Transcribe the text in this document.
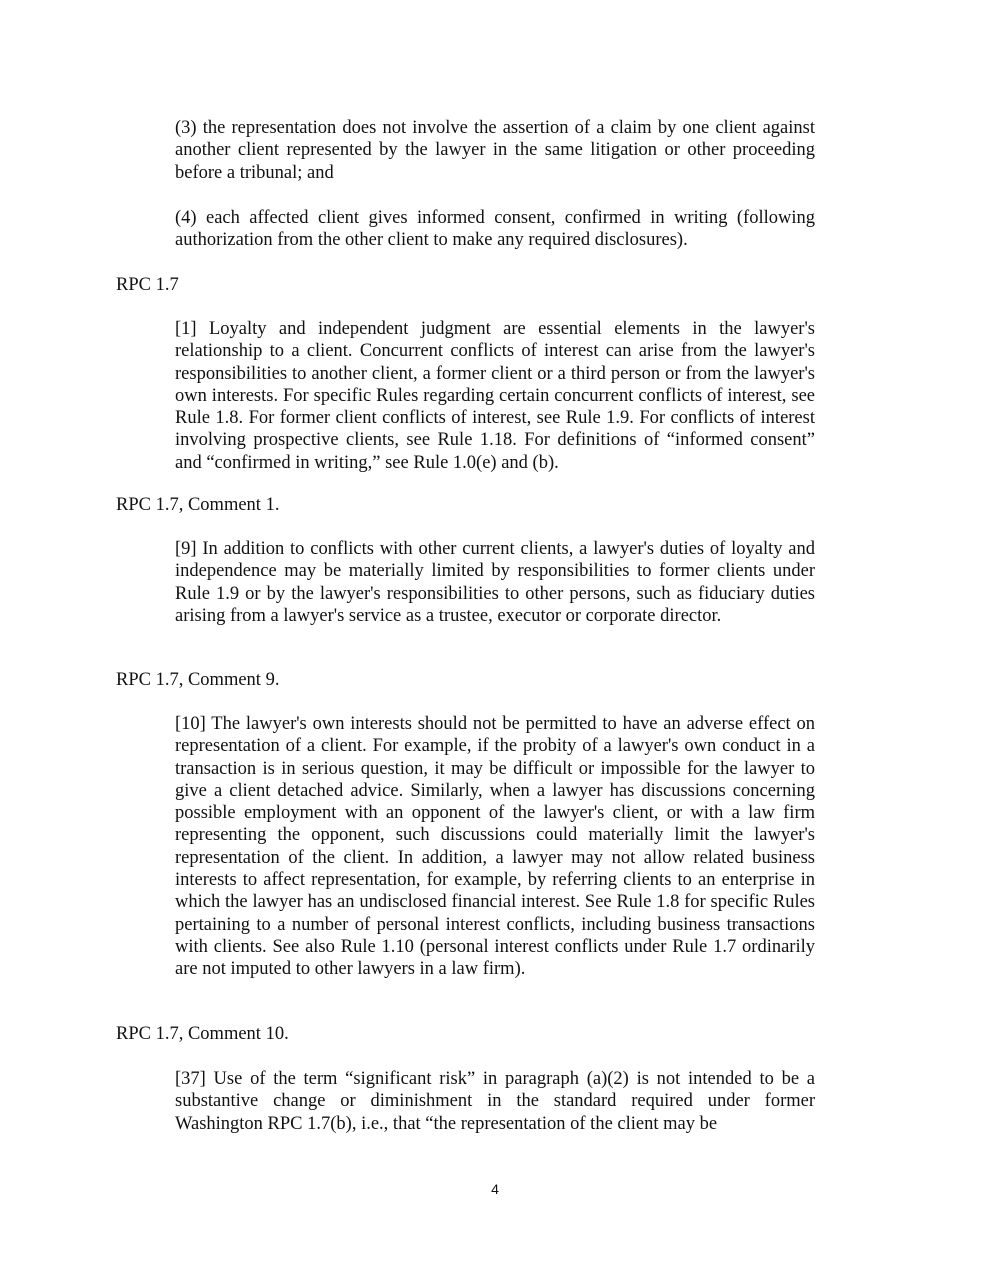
(3) the representation does not involve the assertion of a claim by one client against another client represented by the lawyer in the same litigation or other proceeding before a tribunal; and

(4) each affected client gives informed consent, confirmed in writing (following authorization from the other client to make any required disclosures).

RPC 1.7

[1] Loyalty and independent judgment are essential elements in the lawyer's relationship to a client. Concurrent conflicts of interest can arise from the lawyer's responsibilities to another client, a former client or a third person or from the lawyer's own interests. For specific Rules regarding certain concurrent conflicts of interest, see Rule 1.8. For former client conflicts of interest, see Rule 1.9. For conflicts of interest involving prospective clients, see Rule 1.18. For definitions of “informed consent” and “confirmed in writing,” see Rule 1.0(e) and (b).

RPC 1.7, Comment 1.

[9] In addition to conflicts with other current clients, a lawyer's duties of loyalty and independence may be materially limited by responsibilities to former clients under Rule 1.9 or by the lawyer's responsibilities to other persons, such as fiduciary duties arising from a lawyer's service as a trustee, executor or corporate director.

RPC 1.7, Comment 9.

[10] The lawyer's own interests should not be permitted to have an adverse effect on representation of a client. For example, if the probity of a lawyer's own conduct in a transaction is in serious question, it may be difficult or impossible for the lawyer to give a client detached advice. Similarly, when a lawyer has discussions concerning possible employment with an opponent of the lawyer's client, or with a law firm representing the opponent, such discussions could materially limit the lawyer's representation of the client. In addition, a lawyer may not allow related business interests to affect representation, for example, by referring clients to an enterprise in which the lawyer has an undisclosed financial interest. See Rule 1.8 for specific Rules pertaining to a number of personal interest conflicts, including business transactions with clients. See also Rule 1.10 (personal interest conflicts under Rule 1.7 ordinarily are not imputed to other lawyers in a law firm).

RPC 1.7, Comment 10.

[37] Use of the term “significant risk” in paragraph (a)(2) is not intended to be a substantive change or diminishment in the standard required under former Washington RPC 1.7(b), i.e., that “the representation of the client may be

4
